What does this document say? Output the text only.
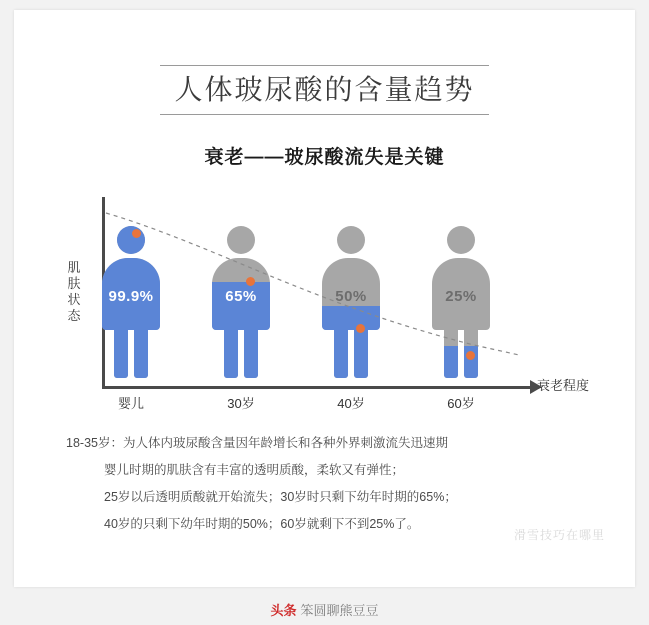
人体玻尿酸的含量趋势
衰老——玻尿酸流失是关键
肌肤状态
衰老程度
99.9%
婴儿
65%
30岁
50%
40岁
25%
60岁
18-35岁：为人体内玻尿酸含量因年龄增长和各种外界刺激流失迅速期
婴儿时期的肌肤含有丰富的透明质酸，柔软又有弹性；
25岁以后透明质酸就开始流失；30岁时只剩下幼年时期的65%；
40岁的只剩下幼年时期的50%；60岁就剩下不到25%了。
滑雪技巧在哪里
头条 笨圆聊熊豆豆
